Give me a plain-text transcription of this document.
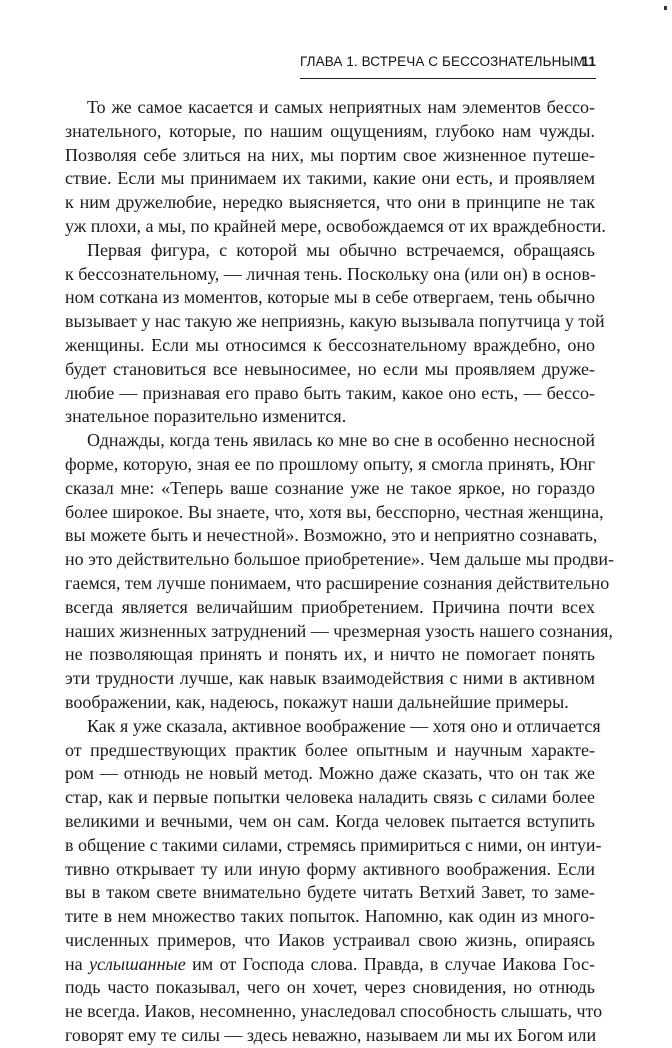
ГЛАВА 1. ВСТРЕЧА С БЕССОЗНАТЕЛЬНЫМ
11

То же самое касается и самых неприятных нам элементов бессо-
знательного, которые, по нашим ощущениям, глубоко нам чужды.
Позволяя себе злиться на них, мы портим свое жизненное путеше-
ствие. Если мы принимаем их такими, какие они есть, и проявляем
к ним дружелюбие, нередко выясняется, что они в принципе не так
уж плохи, а мы, по крайней мере, освобождаемся от их враждебности.

Первая фигура, с которой мы обычно встречаемся, обращаясь
к бессознательному, — личная тень. Поскольку она (или он) в основ-
ном соткана из моментов, которые мы в себе отвергаем, тень обычно
вызывает у нас такую же неприязнь, какую вызывала попутчица у той
женщины. Если мы относимся к бессознательному враждебно, оно
будет становиться все невыносимее, но если мы проявляем друже-
любие — признавая его право быть таким, какое оно есть, — бессо-
знательное поразительно изменится.

Однажды, когда тень явилась ко мне во сне в особенно несносной
форме, которую, зная ее по прошлому опыту, я смогла принять, Юнг
сказал мне: «Теперь ваше сознание уже не такое яркое, но гораздо
более широкое. Вы знаете, что, хотя вы, бесспорно, честная женщина,
вы можете быть и нечестной». Возможно, это и неприятно сознавать,
но это действительно большое приобретение». Чем дальше мы продви-
гаемся, тем лучше понимаем, что расширение сознания действительно
всегда является величайшим приобретением. Причина почти всех
наших жизненных затруднений — чрезмерная узость нашего сознания,
не позволяющая принять и понять их, и ничто не помогает понять
эти трудности лучше, как навык взаимодействия с ними в активном
воображении, как, надеюсь, покажут наши дальнейшие примеры.

Как я уже сказала, активное воображение — хотя оно и отличается
от предшествующих практик более опытным и научным характе-
ром — отнюдь не новый метод. Можно даже сказать, что он так же
стар, как и первые попытки человека наладить связь с силами более
великими и вечными, чем он сам. Когда человек пытается вступить
в общение с такими силами, стремясь примириться с ними, он интуи-
тивно открывает ту или иную форму активного воображения. Если
вы в таком свете внимательно будете читать Ветхий Завет, то заме-
тите в нем множество таких попыток. Напомню, как один из много-
численных примеров, что Иаков устраивал свою жизнь, опираясь
на услышанные им от Господа слова. Правда, в случае Иакова Гос-
подь часто показывал, чего он хочет, через сновидения, но отнюдь
не всегда. Иаков, несомненно, унаследовал способность слышать, что
говорят ему те силы — здесь неважно, называем ли мы их Богом или
